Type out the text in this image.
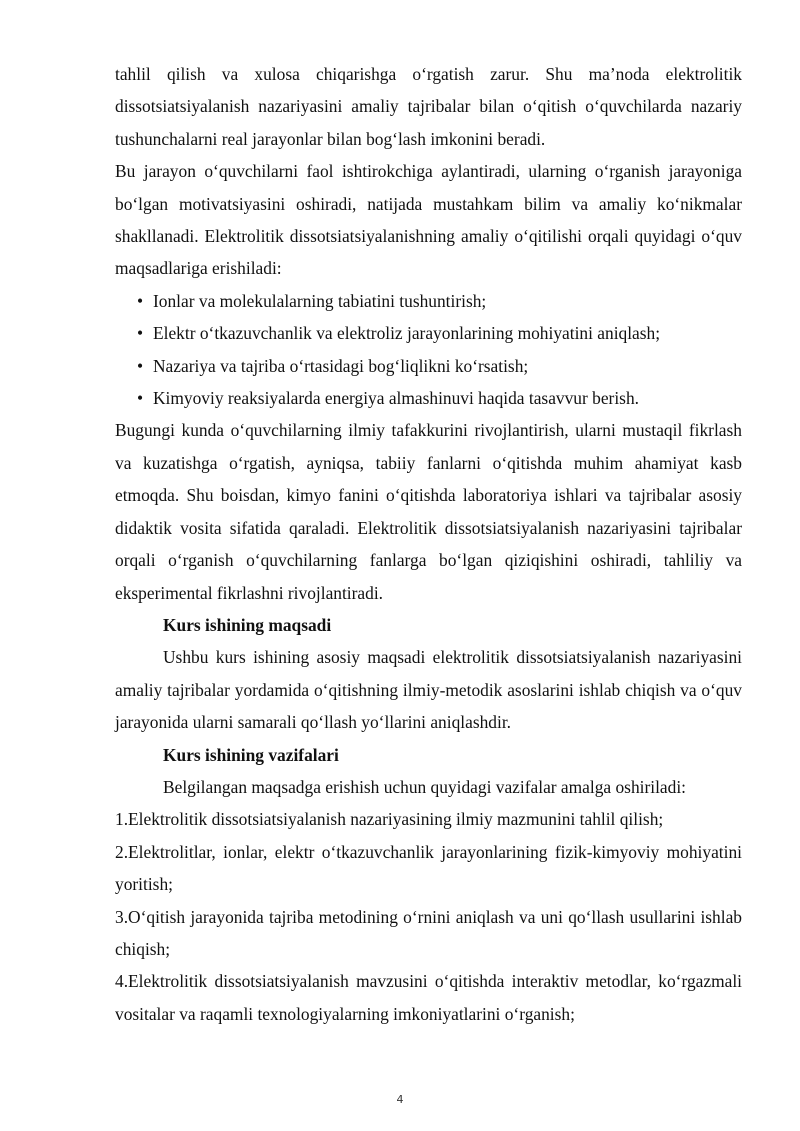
tahlil qilish va xulosa chiqarishga o‘rgatish zarur. Shu ma’noda elektrolitik dissotsiatsiyalanish nazariyasini amaliy tajribalar bilan o‘qitish o‘quvchilarda nazariy tushunchalarni real jarayonlar bilan bog‘lash imkonini beradi.

Bu jarayon o‘quvchilarni faol ishtirokchiga aylantiradi, ularning o‘rganish jarayoniga bo‘lgan motivatsiyasini oshiradi, natijada mustahkam bilim va amaliy ko‘nikmalar shakllanadi. Elektrolitik dissotsiatsiyalanishning amaliy o‘qitilishi orqali quyidagi o‘quv maqsadlariga erishiladi:

• Ionlar va molekulalarning tabiatini tushuntirish;
• Elektr o‘tkazuvchanlik va elektroliz jarayonlarining mohiyatini aniqlash;
• Nazariya va tajriba o‘rtasidagi bog‘liqlikni ko‘rsatish;
• Kimyoviy reaksiyalarda energiya almashinuvi haqida tasavvur berish.

Bugungi kunda o‘quvchilarning ilmiy tafakkurini rivojlantirish, ularni mustaqil fikrlash va kuzatishga o‘rgatish, ayniqsa, tabiiy fanlarni o‘qitishda muhim ahamiyat kasb etmoqda. Shu boisdan, kimyo fanini o‘qitishda laboratoriya ishlari va tajribalar asosiy didaktik vosita sifatida qaraladi. Elektrolitik dissotsiatsiyalanish nazariyasini tajribalar orqali o‘rganish o‘quvchilarning fanlarga bo‘lgan qiziqishini oshiradi, tahliliy va eksperimental fikrlashni rivojlantiradi.

Kurs ishining maqsadi

Ushbu kurs ishining asosiy maqsadi elektrolitik dissotsiatsiyalanish nazariyasini amaliy tajribalar yordamida o‘qitishning ilmiy-metodik asoslarini ishlab chiqish va o‘quv jarayonida ularni samarali qo‘llash yo‘llarini aniqlashdir.

Kurs ishining vazifalari

Belgilangan maqsadga erishish uchun quyidagi vazifalar amalga oshiriladi:

1.Elektrolitik dissotsiatsiyalanish nazariyasining ilmiy mazmunini tahlil qilish;

2.Elektrolitlar, ionlar, elektr o‘tkazuvchanlik jarayonlarining fizik-kimyoviy mohiyatini yoritish;

3.O‘qitish jarayonida tajriba metodining o‘rnini aniqlash va uni qo‘llash usullarini ishlab chiqish;

4.Elektrolitik dissotsiatsiyalanish mavzusini o‘qitishda interaktiv metodlar, ko‘rgazmali vositalar va raqamli texnologiyalarning imkoniyatlarini o‘rganish;

4
